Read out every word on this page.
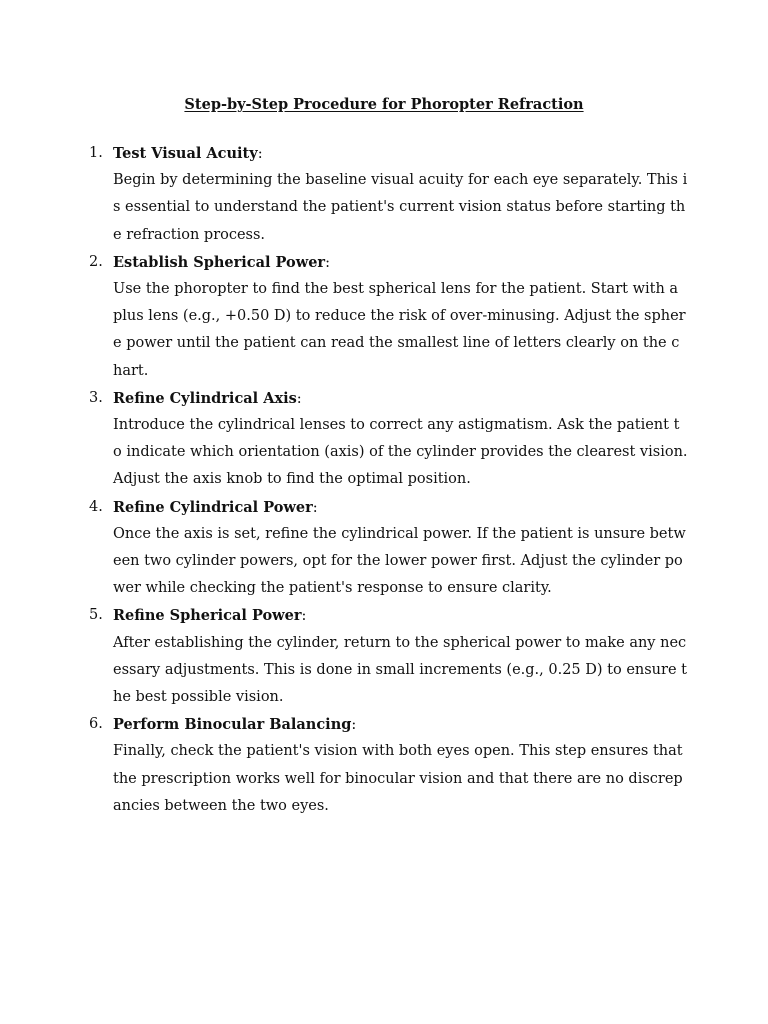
Step-by-Step Procedure for Phoropter Refraction
1. Test Visual Acuity:

Begin by determining the baseline visual acuity for each eye separately. This is essential to understand the patient's current vision status before starting the refraction process.

2. Establish Spherical Power:

Use the phoropter to find the best spherical lens for the patient. Start with a plus lens (e.g., +0.50 D) to reduce the risk of over-minusing. Adjust the sphere power until the patient can read the smallest line of letters clearly on the chart.

3. Refine Cylindrical Axis:

Introduce the cylindrical lenses to correct any astigmatism. Ask the patient to indicate which orientation (axis) of the cylinder provides the clearest vision. Adjust the axis knob to find the optimal position.

4. Refine Cylindrical Power:

Once the axis is set, refine the cylindrical power. If the patient is unsure between two cylinder powers, opt for the lower power first. Adjust the cylinder power while checking the patient's response to ensure clarity.

5. Refine Spherical Power:

After establishing the cylinder, return to the spherical power to make any necessary adjustments. This is done in small increments (e.g., 0.25 D) to ensure the best possible vision.

6. Perform Binocular Balancing:

Finally, check the patient's vision with both eyes open. This step ensures that the prescription works well for binocular vision and that there are no discrepancies between the two eyes.
